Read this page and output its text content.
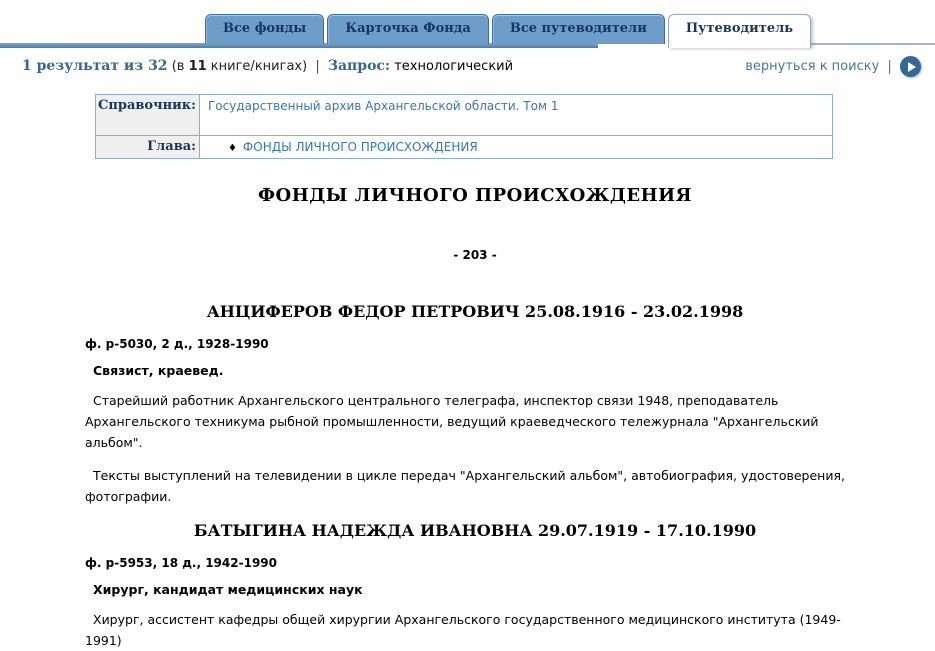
Все фонды	Карточка Фонда	Все путеводители	Путеводитель
1 результат из 32 (в 11 книге/книгах) | Запрос: технологический	вернуться к поиску |
Справочник:	Государственный архив Архангельской области. Том 1
Глава:	♦ ФОНДЫ ЛИЧНОГО ПРОИСХОЖДЕНИЯ
ФОНДЫ ЛИЧНОГО ПРОИСХОЖДЕНИЯ
- 203 -
АНЦИФЕРОВ ФЕДОР ПЕТРОВИЧ 25.08.1916 - 23.02.1998
ф. р-5030, 2 д., 1928-1990
Связист, краевед.

Старейший работник Архангельского центрального телеграфа, инспектор связи 1948, преподаватель Архангельского техникума рыбной промышленности, ведущий краеведческого тележурнала "Архангельский альбом".

Тексты выступлений на телевидении в цикле передач "Архангельский альбом", автобиография, удостоверения, фотографии.

БАТЫГИНА НАДЕЖДА ИВАНОВНА 29.07.1919 - 17.10.1990
ф. р-5953, 18 д., 1942-1990
Хирург, кандидат медицинских наук

Хирург, ассистент кафедры общей хирургии Архангельского государственного медицинского института (1949-1991)
